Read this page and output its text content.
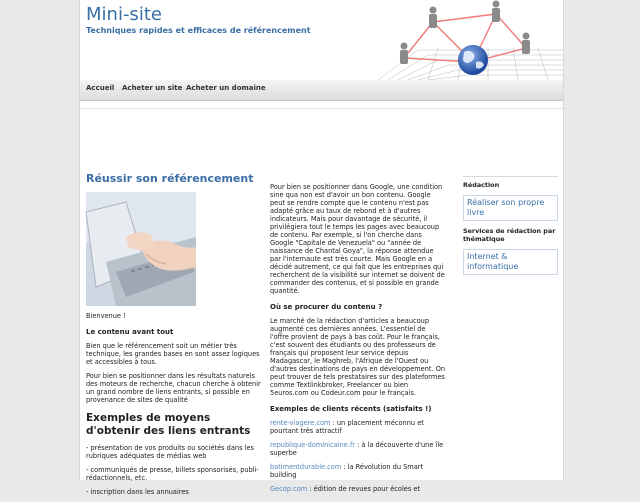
Mini-site
Techniques rapides et efficaces de référencement
Accueil Acheter un site Acheter un domaine
Réussir son référencement

Bienvenue !

Le contenu avant tout

Bien que le référencement soit un métier très technique, les grandes bases en sont assez logiques et accessibles à tous.

Pour bien se positionner dans les résultats naturels des moteurs de recherche, chacun cherche à obtenir un grand nombre de liens entrants, si possible en provenance de sites de qualité

Exemples de moyens d'obtenir des liens entrants

- présentation de vos produits ou sociétés dans les rubriques adéquates de médias web

- communiqués de presse, billets sponsorisés, publi-rédactionnels, etc.

- inscription dans les annuaires

Pour bien se positionner dans Google, une condition sine qua non est d'avoir un bon contenu. Google peut se rendre compte que le contenu n'est pas adapté grâce au taux de rebond et à d'autres indicateurs. Mais pour davantage de sécurité, il privilégiera tout le temps les pages avec beaucoup de contenu. Par exemple, si l'on cherche dans Google "Capitale de Venezuela" ou "année de naissance de Chantal Goya", la réponse attendue par l'internaute est très courte. Mais Google en a décidé autrement, ce qui fait que les entreprises qui recherchent de la visibilité sur internet se doivent de commander des contenus, et si possible en grande quantité.

Où se procurer du contenu ?

Le marché de la rédaction d'articles a beaucoup augmenté ces dernières années. L'essentiel de l'offre provient de pays à bas coût. Pour le français, c'est souvent des étudiants ou des professeurs de français qui proposent leur service depuis Madagascar, le Maghreb, l'Afrique de l'Ouest ou d'autres destinations de pays en développement. On peut trouver de tels prestataires sur des plateformes comme Textlinkbroker, Freelancer ou bien 5euros.com ou Codeur.com pour le français.

Exemples de clients récents (satisfaits !)

rente-viagere.com : un placement méconnu et pourtant très attractif

republique-dominicaine.fr : à la découverte d'une île superbe

batimentdurable.com : la Révolution du Smart building

Gecop.com : édition de revues pour écoles et

Rédaction
Réaliser son propre livre
Services de rédaction par thématique
Internet & informatique
